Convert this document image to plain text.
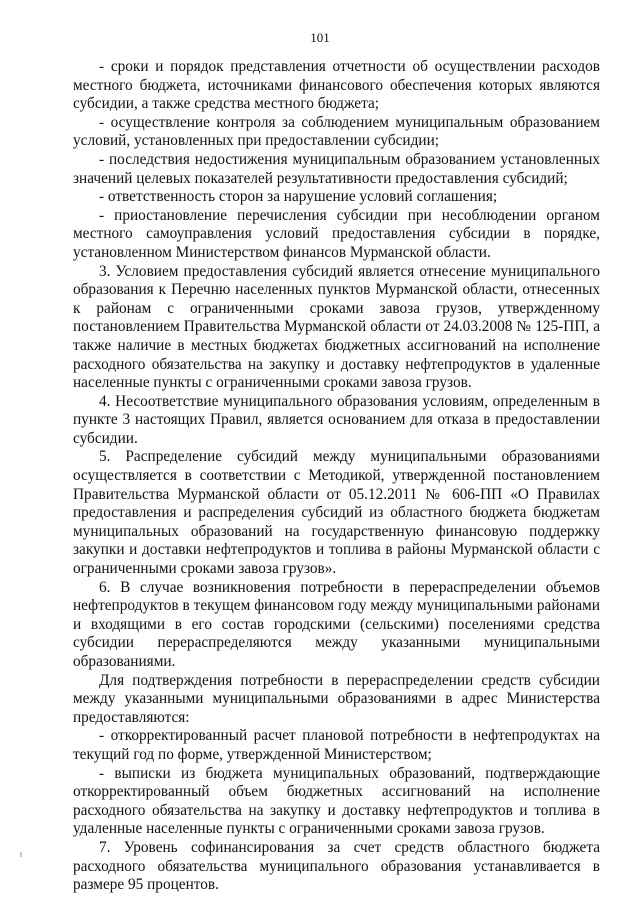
101

- сроки и порядок представления отчетности об осуществлении расходов местного бюджета, источниками финансового обеспечения которых являются субсидии, а также средства местного бюджета;

- осуществление контроля за соблюдением муниципальным образованием условий, установленных при предоставлении субсидии;

- последствия недостижения муниципальным образованием установленных значений целевых показателей результативности предоставления субсидий;

- ответственность сторон за нарушение условий соглашения;

- приостановление перечисления субсидии при несоблюдении органом местного самоуправления условий предоставления субсидии в порядке, установленном Министерством финансов Мурманской области.

3. Условием предоставления субсидий является отнесение муниципального образования к Перечню населенных пунктов Мурманской области, отнесенных к районам с ограниченными сроками завоза грузов, утвержденному постановлением Правительства Мурманской области от 24.03.2008 № 125-ПП, а также наличие в местных бюджетах бюджетных ассигнований на исполнение расходного обязательства на закупку и доставку нефтепродуктов в удаленные населенные пункты с ограниченными сроками завоза грузов.

4. Несоответствие муниципального образования условиям, определенным в пункте 3 настоящих Правил, является основанием для отказа в предоставлении субсидии.

5. Распределение субсидий между муниципальными образованиями осуществляется в соответствии с Методикой, утвержденной постановлением Правительства Мурманской области от 05.12.2011 № 606-ПП «О Правилах предоставления и распределения субсидий из областного бюджета бюджетам муниципальных образований на государственную финансовую поддержку закупки и доставки нефтепродуктов и топлива в районы Мурманской области с ограниченными сроками завоза грузов».

6. В случае возникновения потребности в перераспределении объемов нефтепродуктов в текущем финансовом году между муниципальными районами и входящими в его состав городскими (сельскими) поселениями средства субсидии перераспределяются между указанными муниципальными образованиями.

Для подтверждения потребности в перераспределении средств субсидии между указанными муниципальными образованиями в адрес Министерства предоставляются:

- откорректированный расчет плановой потребности в нефтепродуктах на текущий год по форме, утвержденной Министерством;

- выписки из бюджета муниципальных образований, подтверждающие откорректированный объем бюджетных ассигнований на исполнение расходного обязательства на закупку и доставку нефтепродуктов и топлива в удаленные населенные пункты с ограниченными сроками завоза грузов.

7. Уровень софинансирования за счет средств областного бюджета расходного обязательства муниципального образования устанавливается в размере 95 процентов.
